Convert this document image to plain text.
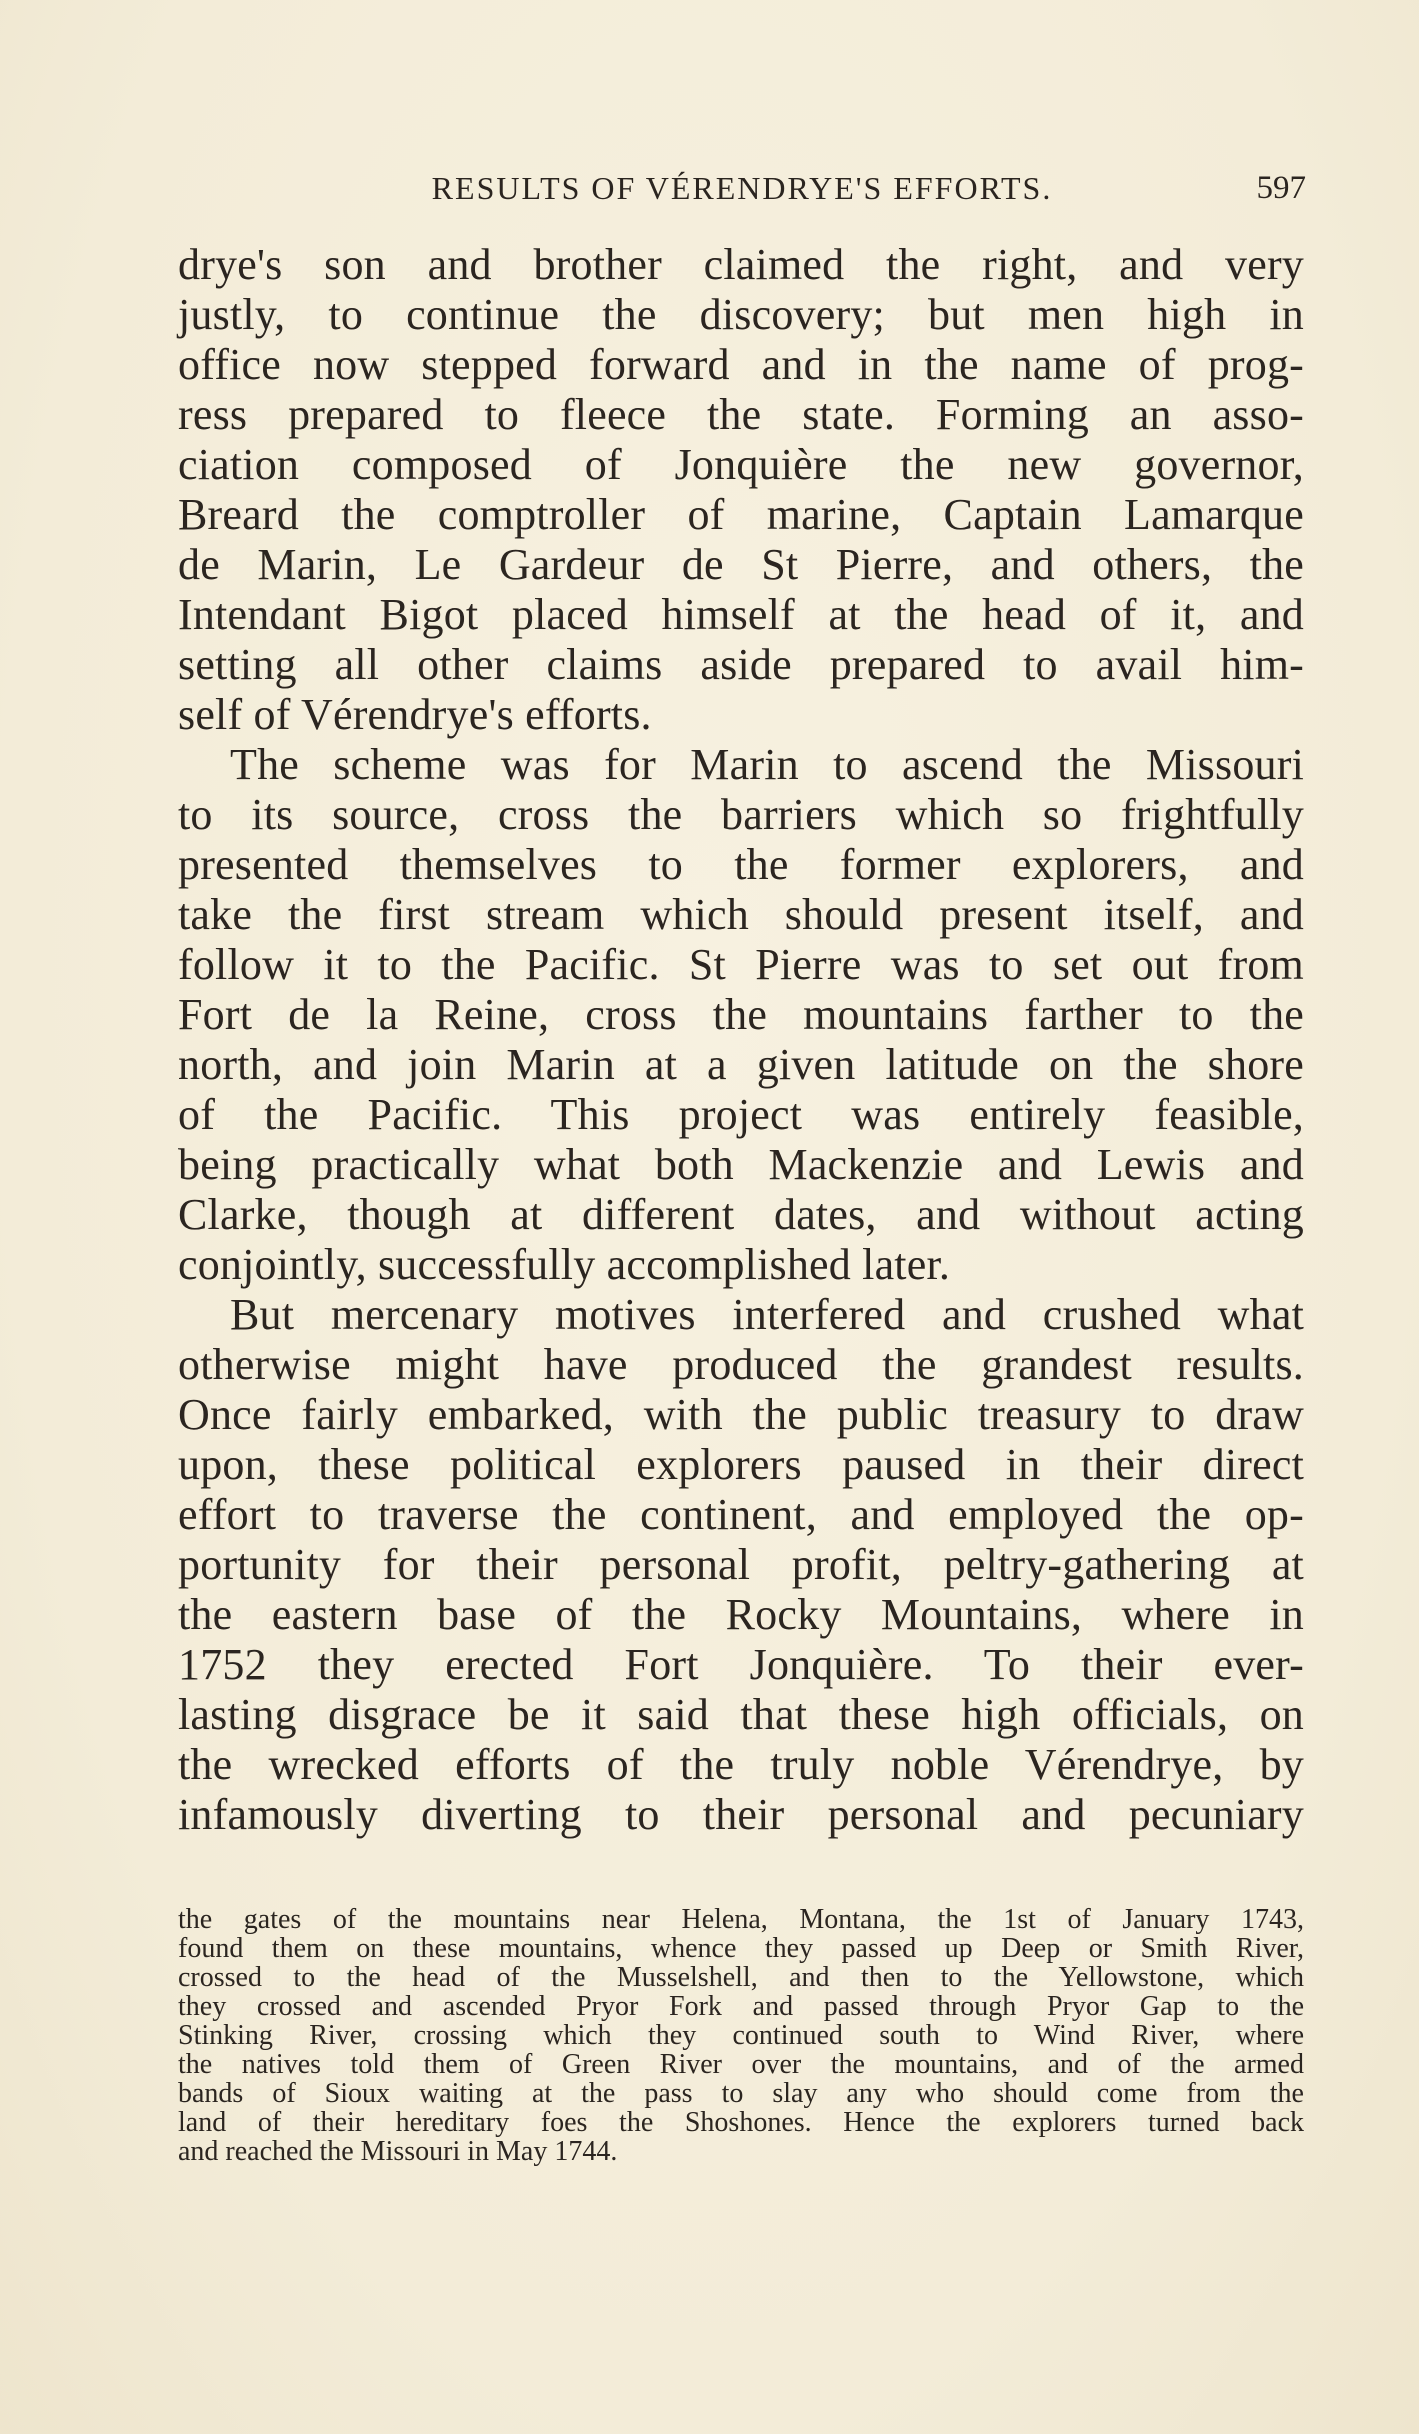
RESULTS OF VÉRENDRYE'S EFFORTS.	597
drye's son and brother claimed the right, and very
justly, to continue the discovery; but men high in
office now stepped forward and in the name of prog-
ress prepared to fleece the state. Forming an asso-
ciation composed of Jonquière the new governor,
Breard the comptroller of marine, Captain Lamarque
de Marin, Le Gardeur de St Pierre, and others, the
Intendant Bigot placed himself at the head of it, and
setting all other claims aside prepared to avail him-
self of Vérendrye's efforts.
The scheme was for Marin to ascend the Missouri
to its source, cross the barriers which so frightfully
presented themselves to the former explorers, and
take the first stream which should present itself, and
follow it to the Pacific. St Pierre was to set out from
Fort de la Reine, cross the mountains farther to the
north, and join Marin at a given latitude on the shore
of the Pacific. This project was entirely feasible,
being practically what both Mackenzie and Lewis and
Clarke, though at different dates, and without acting
conjointly, successfully accomplished later.
But mercenary motives interfered and crushed what
otherwise might have produced the grandest results.
Once fairly embarked, with the public treasury to draw
upon, these political explorers paused in their direct
effort to traverse the continent, and employed the op-
portunity for their personal profit, peltry-gathering at
the eastern base of the Rocky Mountains, where in
1752 they erected Fort Jonquière. To their ever-
lasting disgrace be it said that these high officials, on
the wrecked efforts of the truly noble Vérendrye, by
infamously diverting to their personal and pecuniary
the gates of the mountains near Helena, Montana, the 1st of January 1743,
found them on these mountains, whence they passed up Deep or Smith River,
crossed to the head of the Musselshell, and then to the Yellowstone, which
they crossed and ascended Pryor Fork and passed through Pryor Gap to the
Stinking River, crossing which they continued south to Wind River, where
the natives told them of Green River over the mountains, and of the armed
bands of Sioux waiting at the pass to slay any who should come from the
land of their hereditary foes the Shoshones. Hence the explorers turned back
and reached the Missouri in May 1744.
